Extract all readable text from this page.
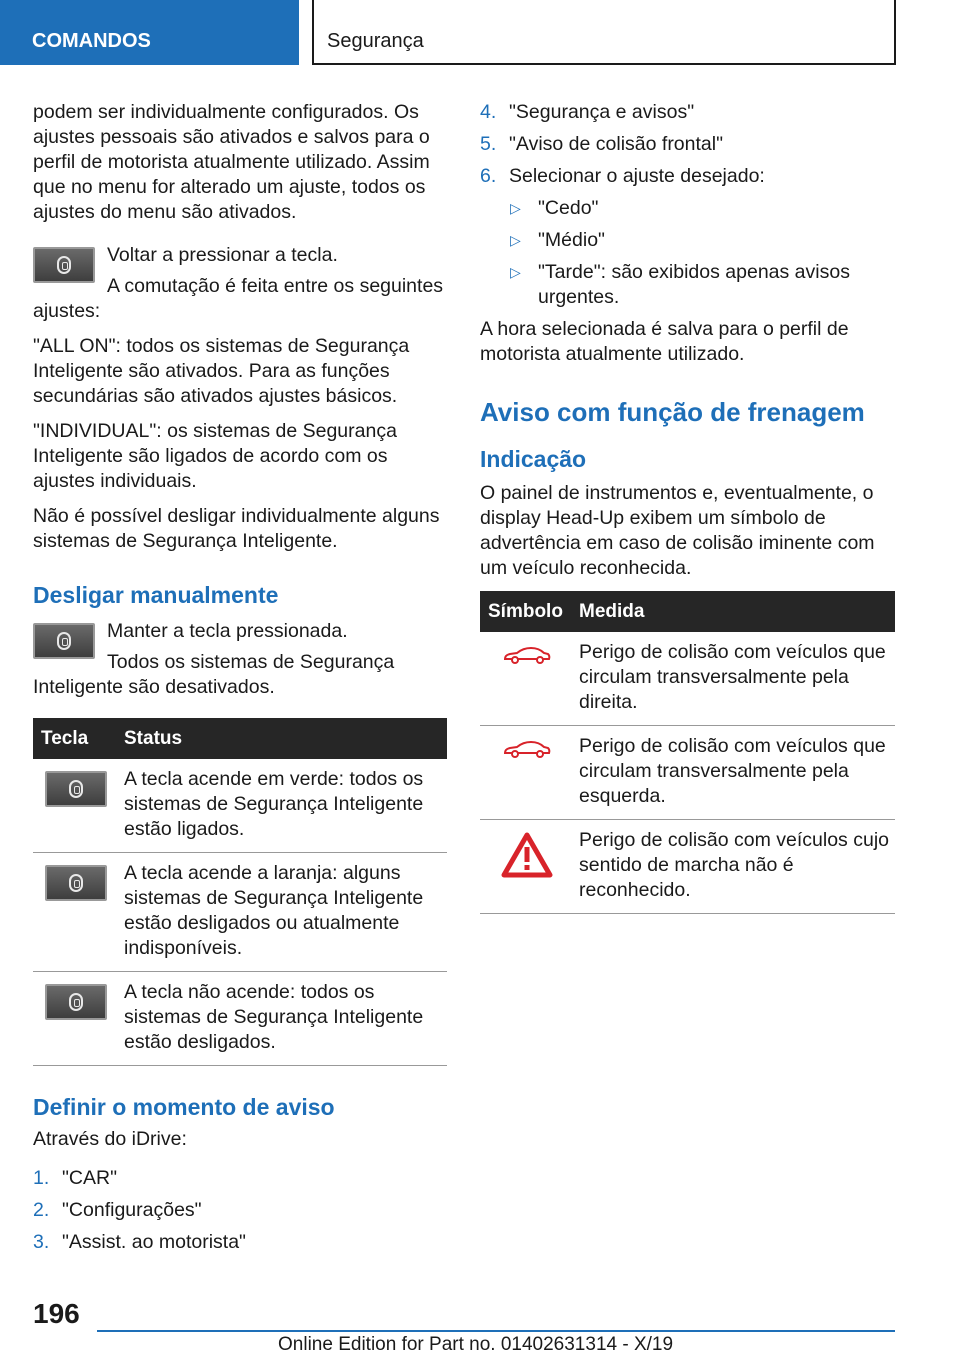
COMANDOS	Segurança

podem ser individualmente configurados. Os ajustes pessoais são ativados e salvos para o perfil de motorista atualmente utilizado. Assim que no menu for alterado um ajuste, todos os ajustes do menu são ativados.

Voltar a pressionar a tecla.

A comutação é feita entre os seguintes ajustes:

"ALL ON": todos os sistemas de Segurança Inteligente são ativados. Para as funções secundárias são ativados ajustes básicos.

"INDIVIDUAL": os sistemas de Segurança Inteligente são ligados de acordo com os ajustes individuais.

Não é possível desligar individualmente alguns sistemas de Segurança Inteligente.

Desligar manualmente

Manter a tecla pressionada.

Todos os sistemas de Segurança Inteligente são desativados.

Tecla	Status

	A tecla acende em verde: todos os sistemas de Segurança Inteligente estão ligados.

	A tecla acende a laranja: alguns sistemas de Segurança Inteligente estão desligados ou atualmente indisponíveis.

	A tecla não acende: todos os sistemas de Segurança Inteligente estão desligados.
Definir o momento de aviso

Através do iDrive:

1. "CAR"
2. "Configurações"
3. "Assist. ao motorista"
4. "Segurança e avisos"
5. "Aviso de colisão frontal"
6. Selecionar o ajuste desejado:
▷ "Cedo"
▷ "Médio"
▷ "Tarde": são exibidos apenas avisos urgentes.

A hora selecionada é salva para o perfil de motorista atualmente utilizado.

Aviso com função de frenagem
Indicação

O painel de instrumentos e, eventualmente, o display Head-Up exibem um símbolo de advertência em caso de colisão iminente com um veículo reconhecida.

Símbolo	Medida
	Perigo de colisão com veículos que circulam transversalmente pela direita.
	Perigo de colisão com veículos que circulam transversalmente pela esquerda.
	Perigo de colisão com veículos cujo sentido de marcha não é reconhecido.
196
Online Edition for Part no. 01402631314 - X/19
